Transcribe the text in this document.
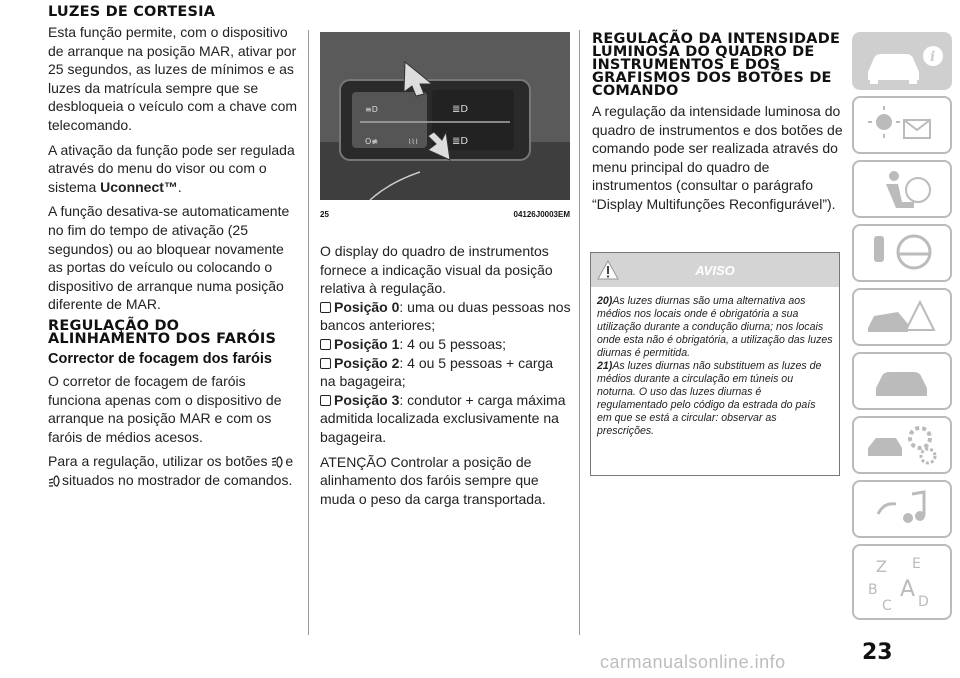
LUZES DE CORTESIA

Esta função permite, com o dispositivo de arranque na posição MAR, ativar por 25 segundos, as luzes de mínimos e as luzes da matrícula sempre que se desbloqueia o veículo com a chave com telecomando.

A ativação da função pode ser regulada através do menu do visor ou com o sistema Uconnect™.

A função desativa-se automaticamente no fim do tempo de ativação (25 segundos) ou ao bloquear novamente as portas do veículo ou colocando o dispositivo de arranque numa posição diferente de MAR.

REGULAÇÃO DO ALINHAMENTO DOS FARÓIS
Corrector de focagem dos faróis

O corretor de focagem de faróis funciona apenas com o dispositivo de arranque na posição MAR e com os faróis de médios acesos.

Para a regulação, utilizar os botões esituados no mostrador de comandos.

≡D
O≢	⌇⌇⌇
≣D
≣D
25	04126J0003EM

O display do quadro de instrumentos fornece a indicação visual da posição relativa à regulação.

Posição 0: uma ou duas pessoas nos bancos anteriores;
Posição 1: 4 ou 5 pessoas;
Posição 2: 4 ou 5 pessoas + carga na bagageira;
Posição 3: condutor + carga máxima admitida localizada exclusivamente na bagageira.

ATENÇÃO Controlar a posição de alinhamento dos faróis sempre que muda o peso da carga transportada.

REGULAÇÃO DA INTENSIDADE LUMINOSA DO QUADRO DE INSTRUMENTOS E DOS GRAFISMOS DOS BOTÕES DE COMANDO

A regulação da intensidade luminosa do quadro de instrumentos e dos botões de comando pode ser realizada através do menu principal do quadro de instrumentos (consultar o parágrafo “Display Multifunções Reconfigurável”).

AVISO
20)As luzes diurnas são uma alternativa aos médios nos locais onde é obrigatória a sua utilização durante a condução diurna; nos locais onde esta não é obrigatória, a utilização das luzes diurnas é permitida.
21)As luzes diurnas não substituem as luzes de médios durante a circulação em túneis ou noturna. O uso das luzes diurnas é regulamentado pelo código da estrada do país em que se está a circular: observar as prescrições.
i
Z E
B A
C D
23
carmanualsonline.info
